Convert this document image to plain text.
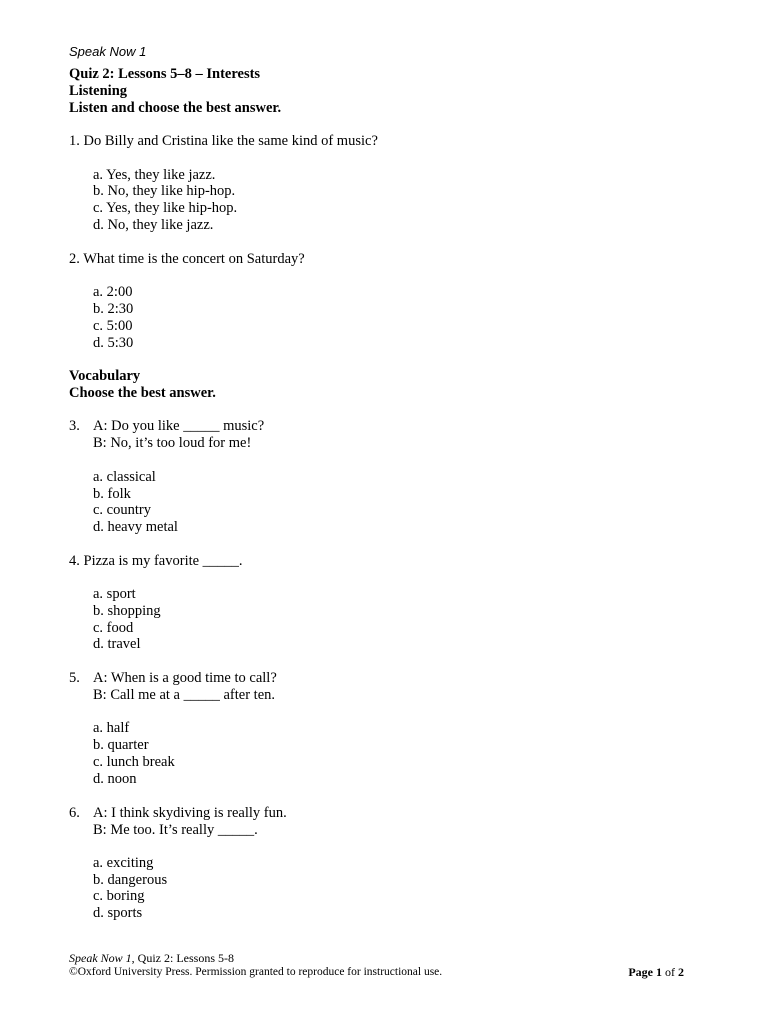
Speak Now 1
Quiz 2: Lessons 5–8 – Interests
Listening
Listen and choose the best answer.
1. Do Billy and Cristina like the same kind of music?
a. Yes, they like jazz.
b. No, they like hip-hop.
c. Yes, they like hip-hop.
d. No, they like jazz.
2. What time is the concert on Saturday?
a. 2:00
b. 2:30
c. 5:00
d. 5:30
Vocabulary
Choose the best answer.
3. A: Do you like _____ music?
B: No, it’s too loud for me!
a. classical
b. folk
c. country
d. heavy metal
4. Pizza is my favorite _____.
a. sport
b. shopping
c. food
d. travel
5. A: When is a good time to call?
B: Call me at a _____ after ten.
a. half
b. quarter
c. lunch break
d. noon
6. A: I think skydiving is really fun.
B: Me too. It’s really _____.
a. exciting
b. dangerous
c. boring
d. sports
Speak Now 1, Quiz 2: Lessons 5-8
©Oxford University Press. Permission granted to reproduce for instructional use.	Page 1 of 2
